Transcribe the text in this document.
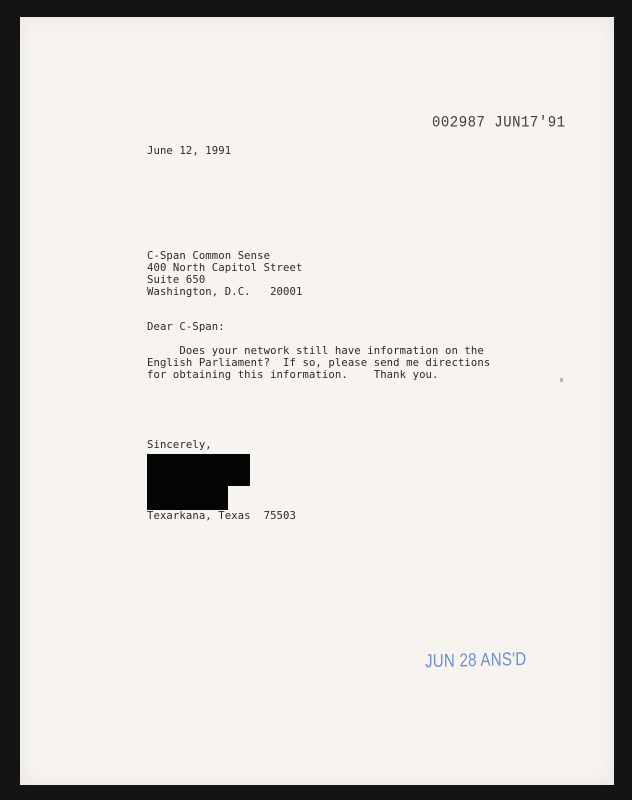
002987 JUN17'91
June 12, 1991
C-Span Common Sense
400 North Capitol Street
Suite 650
Washington, D.C.   20001
Dear C-Span:
Does your network still have information on the
English Parliament?  If so, please send me directions
for obtaining this information.    Thank you.
Sincerely,
Texarkana, Texas  75503
JUN 28 ANS'D
